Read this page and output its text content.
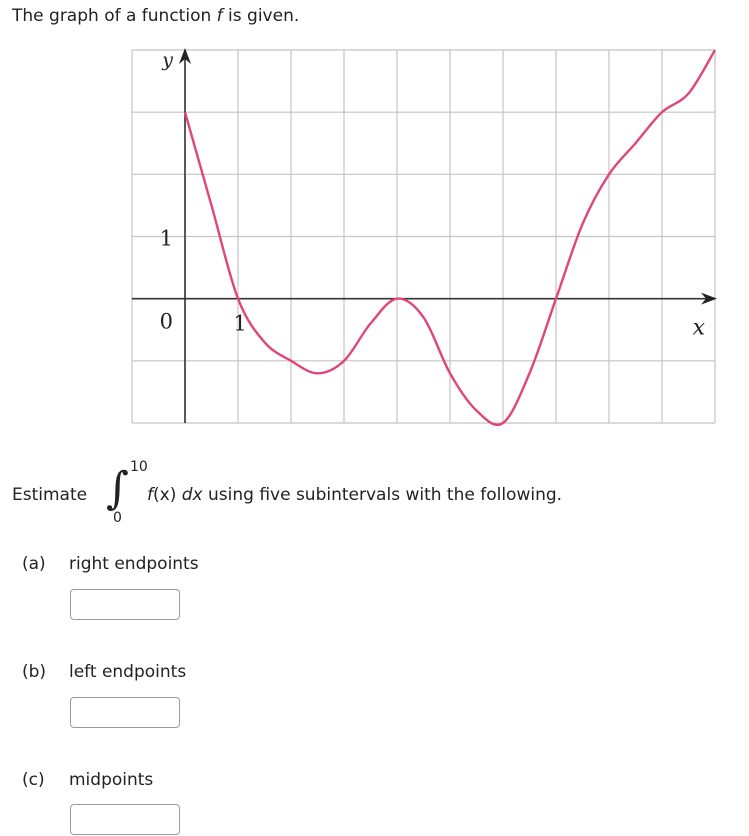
The graph of a function f is given.
y
x
1
0	1
Estimate ∫ 10
0
f(x) dx using five subintervals with the following.
(a) right endpoints
(b) left endpoints
(c) midpoints
